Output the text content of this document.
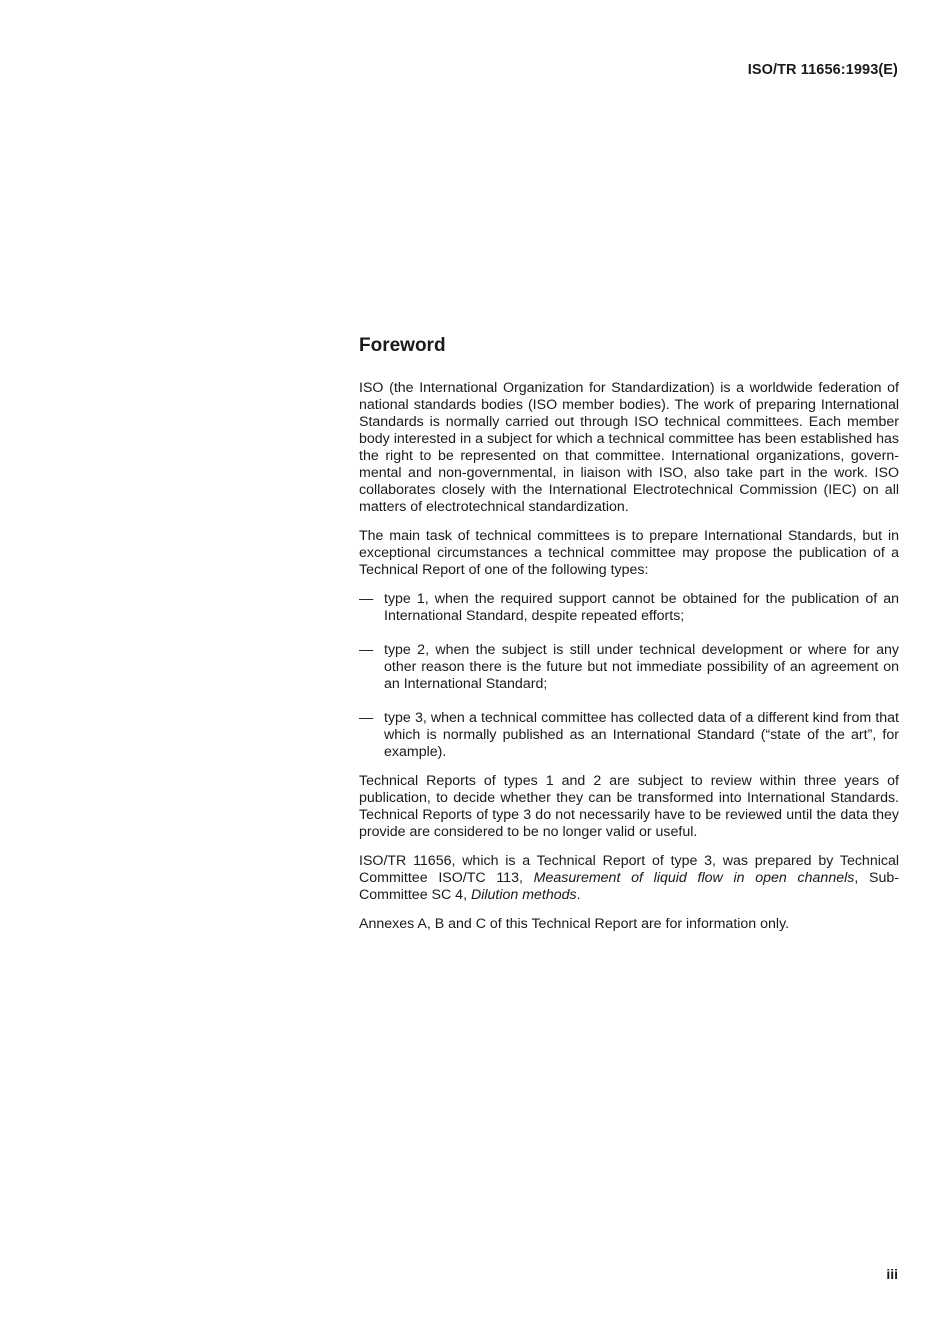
ISO/TR 11656:1993(E)
Foreword

ISO (the International Organization for Standardization) is a worldwide federation of national standards bodies (ISO member bodies). The work of preparing International Standards is normally carried out through ISO technical committees. Each member body interested in a subject for which a technical committee has been established has the right to be represented on that committee. International organizations, governmental and non-governmental, in liaison with ISO, also take part in the work. ISO collaborates closely with the International Electrotechnical Commission (IEC) on all matters of electrotechnical standardization.

The main task of technical committees is to prepare International Standards, but in exceptional circumstances a technical committee may propose the publication of a Technical Report of one of the following types:

— type 1, when the required support cannot be obtained for the publication of an International Standard, despite repeated efforts;
— type 2, when the subject is still under technical development or where for any other reason there is the future but not immediate possibility of an agreement on an International Standard;
— type 3, when a technical committee has collected data of a different kind from that which is normally published as an International Standard (“state of the art”, for example).

Technical Reports of types 1 and 2 are subject to review within three years of publication, to decide whether they can be transformed into International Standards. Technical Reports of type 3 do not necessarily have to be reviewed until the data they provide are considered to be no longer valid or useful.

ISO/TR 11656, which is a Technical Report of type 3, was prepared by Technical Committee ISO/TC 113, Measurement of liquid flow in open channels, Sub-Committee SC 4, Dilution methods.

Annexes A, B and C of this Technical Report are for information only.

iii
